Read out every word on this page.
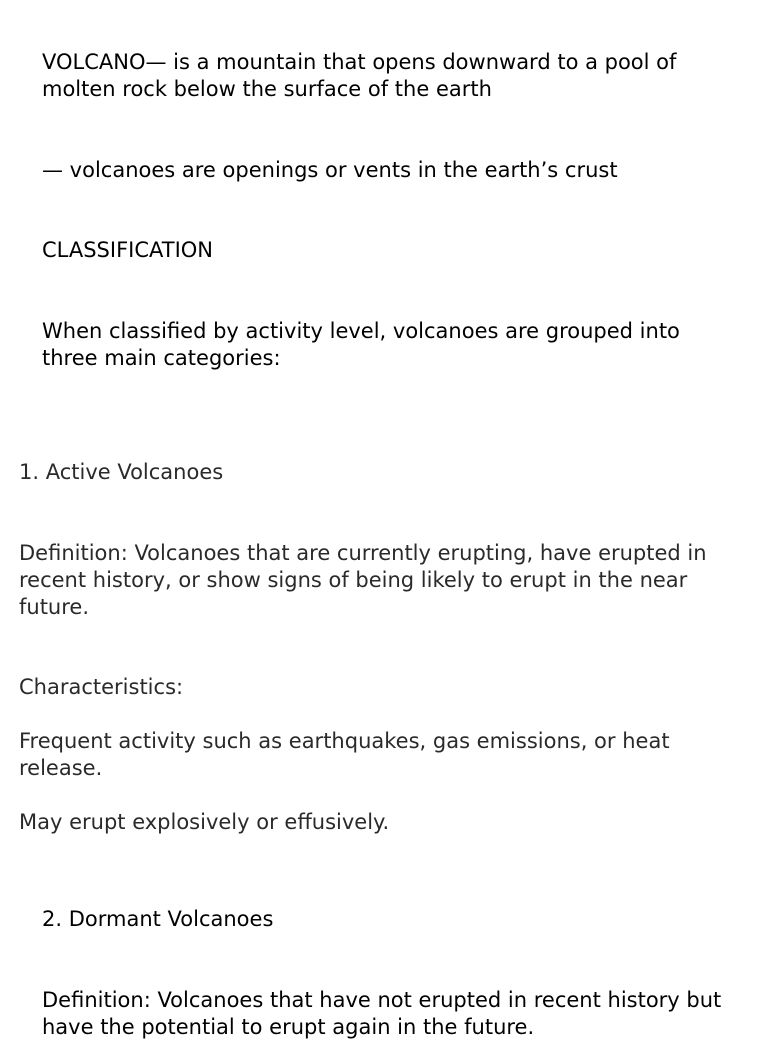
VOLCANO— is a mountain that opens downward to a pool of molten rock below the surface of the earth

— volcanoes are openings or vents in the earth’s crust

CLASSIFICATION

When classified by activity level, volcanoes are grouped into three main categories:

1. Active Volcanoes

Definition: Volcanoes that are currently erupting, have erupted in recent history, or show signs of being likely to erupt in the near future.

Characteristics:

Frequent activity such as earthquakes, gas emissions, or heat release.

May erupt explosively or effusively.

2. Dormant Volcanoes

Definition: Volcanoes that have not erupted in recent history but have the potential to erupt again in the future.
